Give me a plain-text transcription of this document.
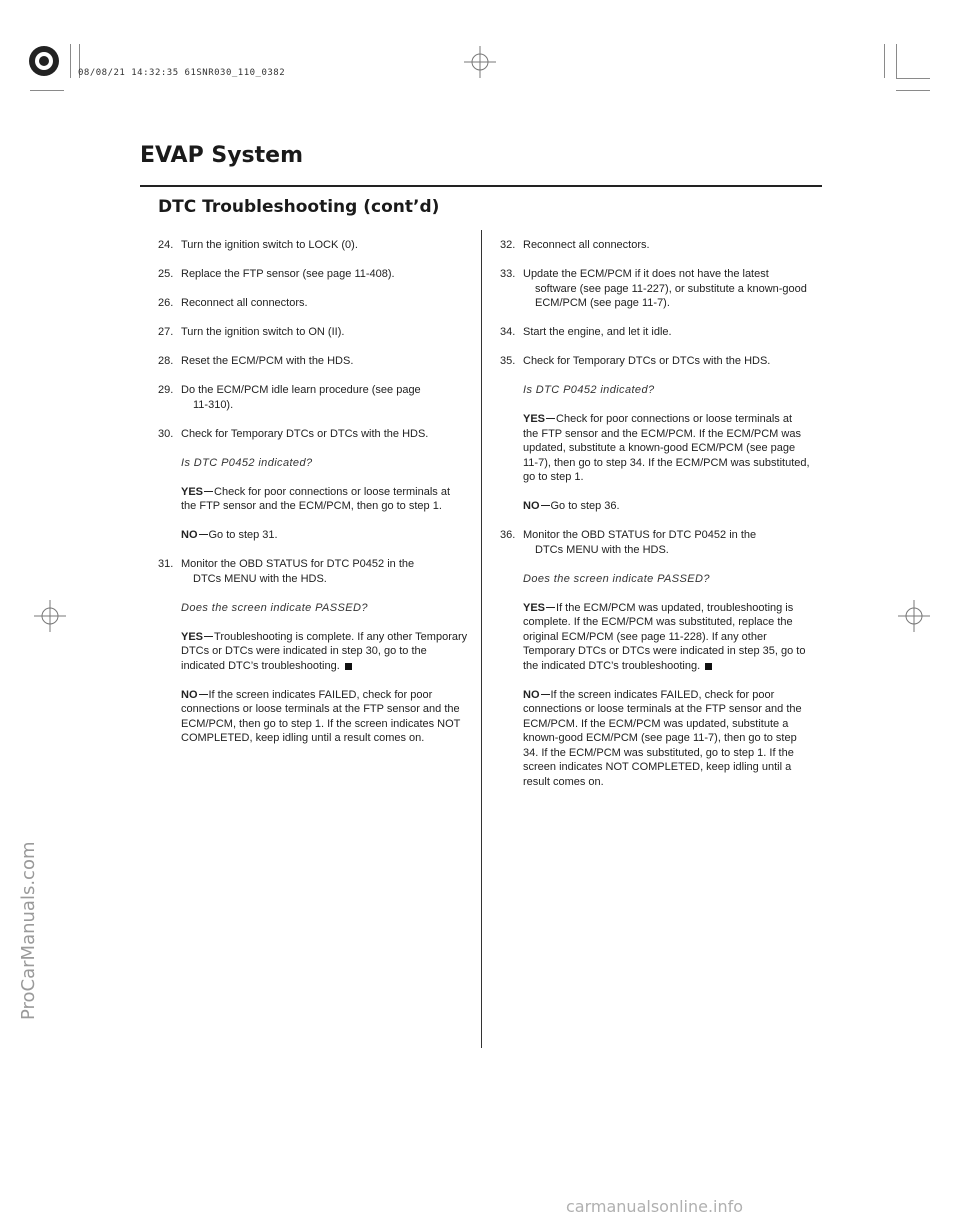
08/08/21 14:32:35 61SNR030_110_0382
EVAP System
DTC Troubleshooting (cont’d)
ProCarManuals.com
24. Turn the ignition switch to LOCK (0).
25. Replace the FTP sensor (see page 11-408).
26. Reconnect all connectors.
27. Turn the ignition switch to ON (II).
28. Reset the ECM/PCM with the HDS.
29. Do the ECM/PCM idle learn procedure (see page
11-310).
30. Check for Temporary DTCs or DTCs with the HDS.
Is DTC P0452 indicated?
YES Check for poor connections or loose terminals at the FTP sensor and the ECM/PCM, then go to step 1.
NO Go to step 31.
31. Monitor the OBD STATUS for DTC P0452 in the
DTCs MENU with the HDS.
Does the screen indicate PASSED?
YES Troubleshooting is complete. If any other Temporary DTCs or DTCs were indicated in step 30, go to the indicated DTC’s troubleshooting.
NO If the screen indicates FAILED, check for poor connections or loose terminals at the FTP sensor and the ECM/PCM, then go to step 1. If the screen indicates NOT COMPLETED, keep idling until a result comes on.
32. Reconnect all connectors.
33. Update the ECM/PCM if it does not have the latest
software (see page 11-227), or substitute a known-good ECM/PCM (see page 11-7).
34. Start the engine, and let it idle.
35. Check for Temporary DTCs or DTCs with the HDS.
Is DTC P0452 indicated?
YES Check for poor connections or loose terminals at the FTP sensor and the ECM/PCM. If the ECM/PCM was updated, substitute a known-good ECM/PCM (see page 11-7), then go to step 34. If the ECM/PCM was substituted, go to step 1.
NO Go to step 36.
36. Monitor the OBD STATUS for DTC P0452 in the
DTCs MENU with the HDS.
Does the screen indicate PASSED?
YES If the ECM/PCM was updated, troubleshooting is complete. If the ECM/PCM was substituted, replace the original ECM/PCM (see page 11-228). If any other Temporary DTCs or DTCs were indicated in step 35, go to the indicated DTC’s troubleshooting.
NO If the screen indicates FAILED, check for poor connections or loose terminals at the FTP sensor and the ECM/PCM. If the ECM/PCM was updated, substitute a known-good ECM/PCM (see page 11-7), then go to step 34. If the ECM/PCM was substituted, go to step 1. If the screen indicates NOT COMPLETED, keep idling until a result comes on.
carmanualsonline.info
